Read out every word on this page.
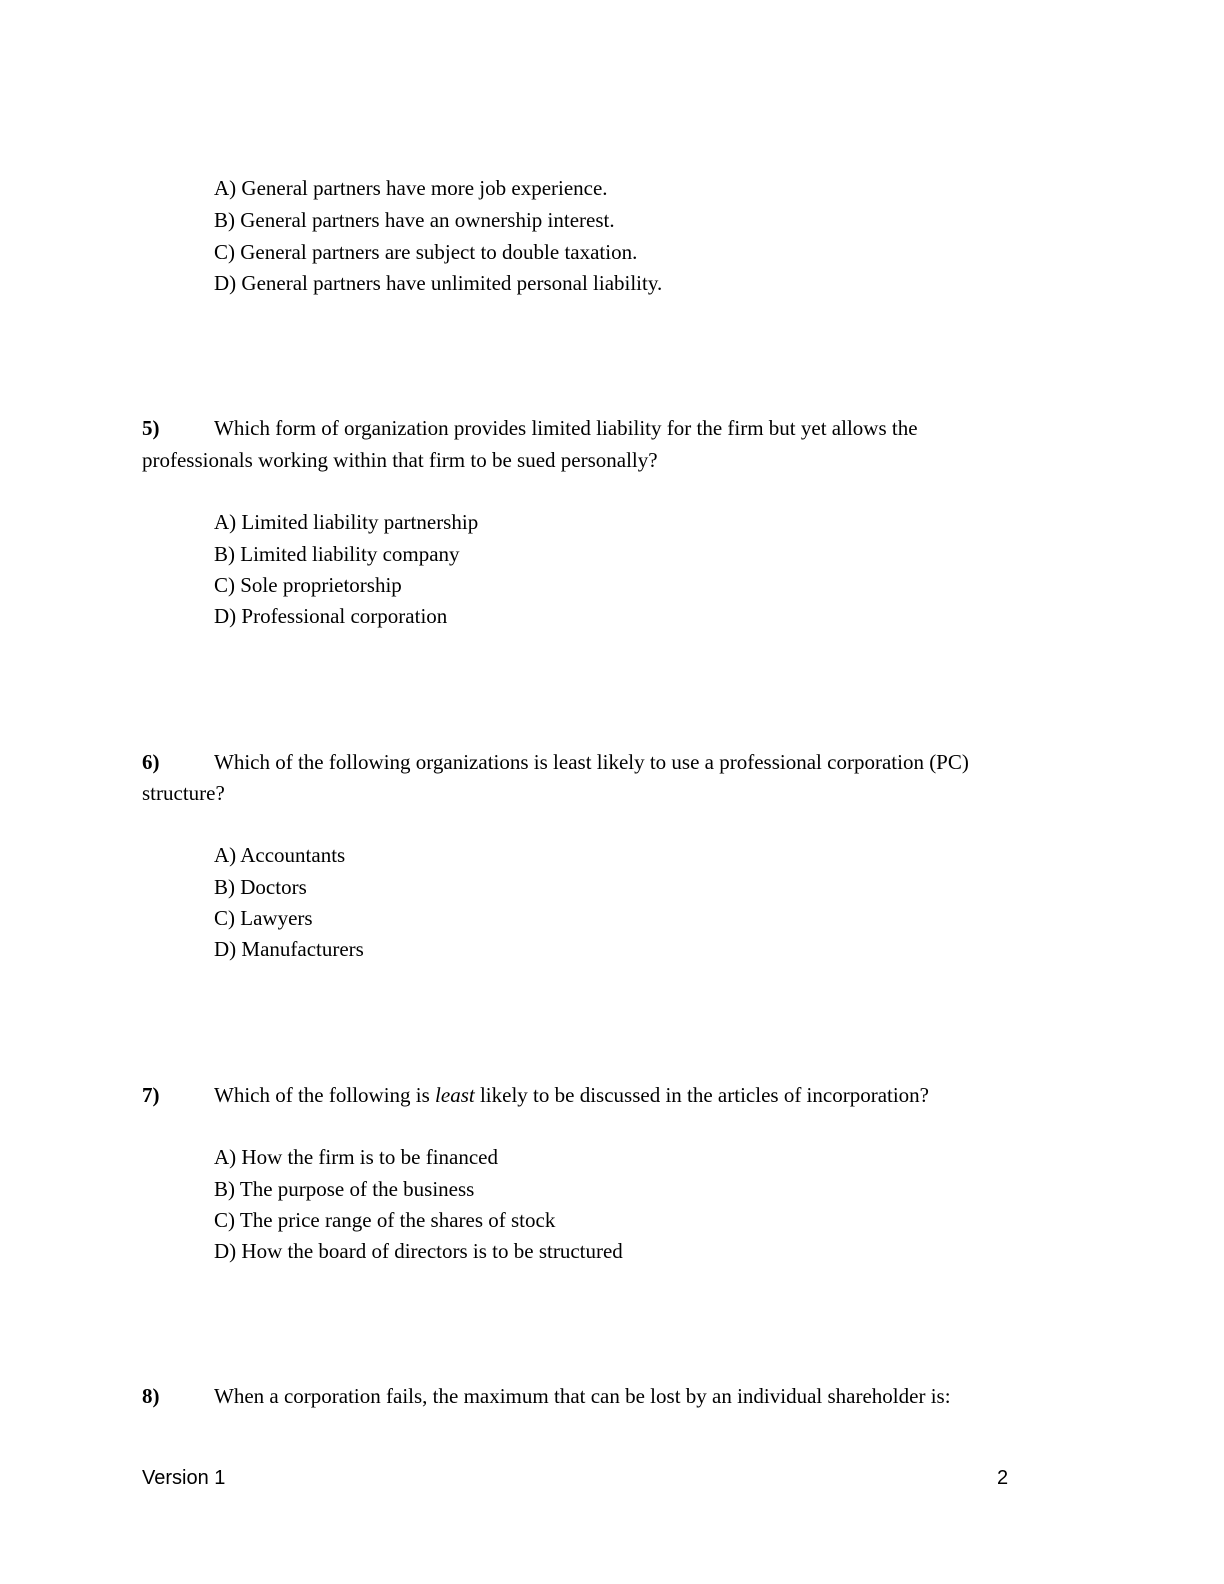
A) General partners have more job experience.
B) General partners have an ownership interest.
C) General partners are subject to double taxation.
D) General partners have unlimited personal liability.
5)	Which form of organization provides limited liability for the firm but yet allows the
professionals working within that firm to be sued personally?
A) Limited liability partnership
B) Limited liability company
C) Sole proprietorship
D) Professional corporation
6)	Which of the following organizations is least likely to use a professional corporation (PC)
structure?
A) Accountants
B) Doctors
C) Lawyers
D) Manufacturers
7)	Which of the following is least likely to be discussed in the articles of incorporation?
A) How the firm is to be financed
B) The purpose of the business
C) The price range of the shares of stock
D) How the board of directors is to be structured
8)	When a corporation fails, the maximum that can be lost by an individual shareholder is:
Version 1	2
